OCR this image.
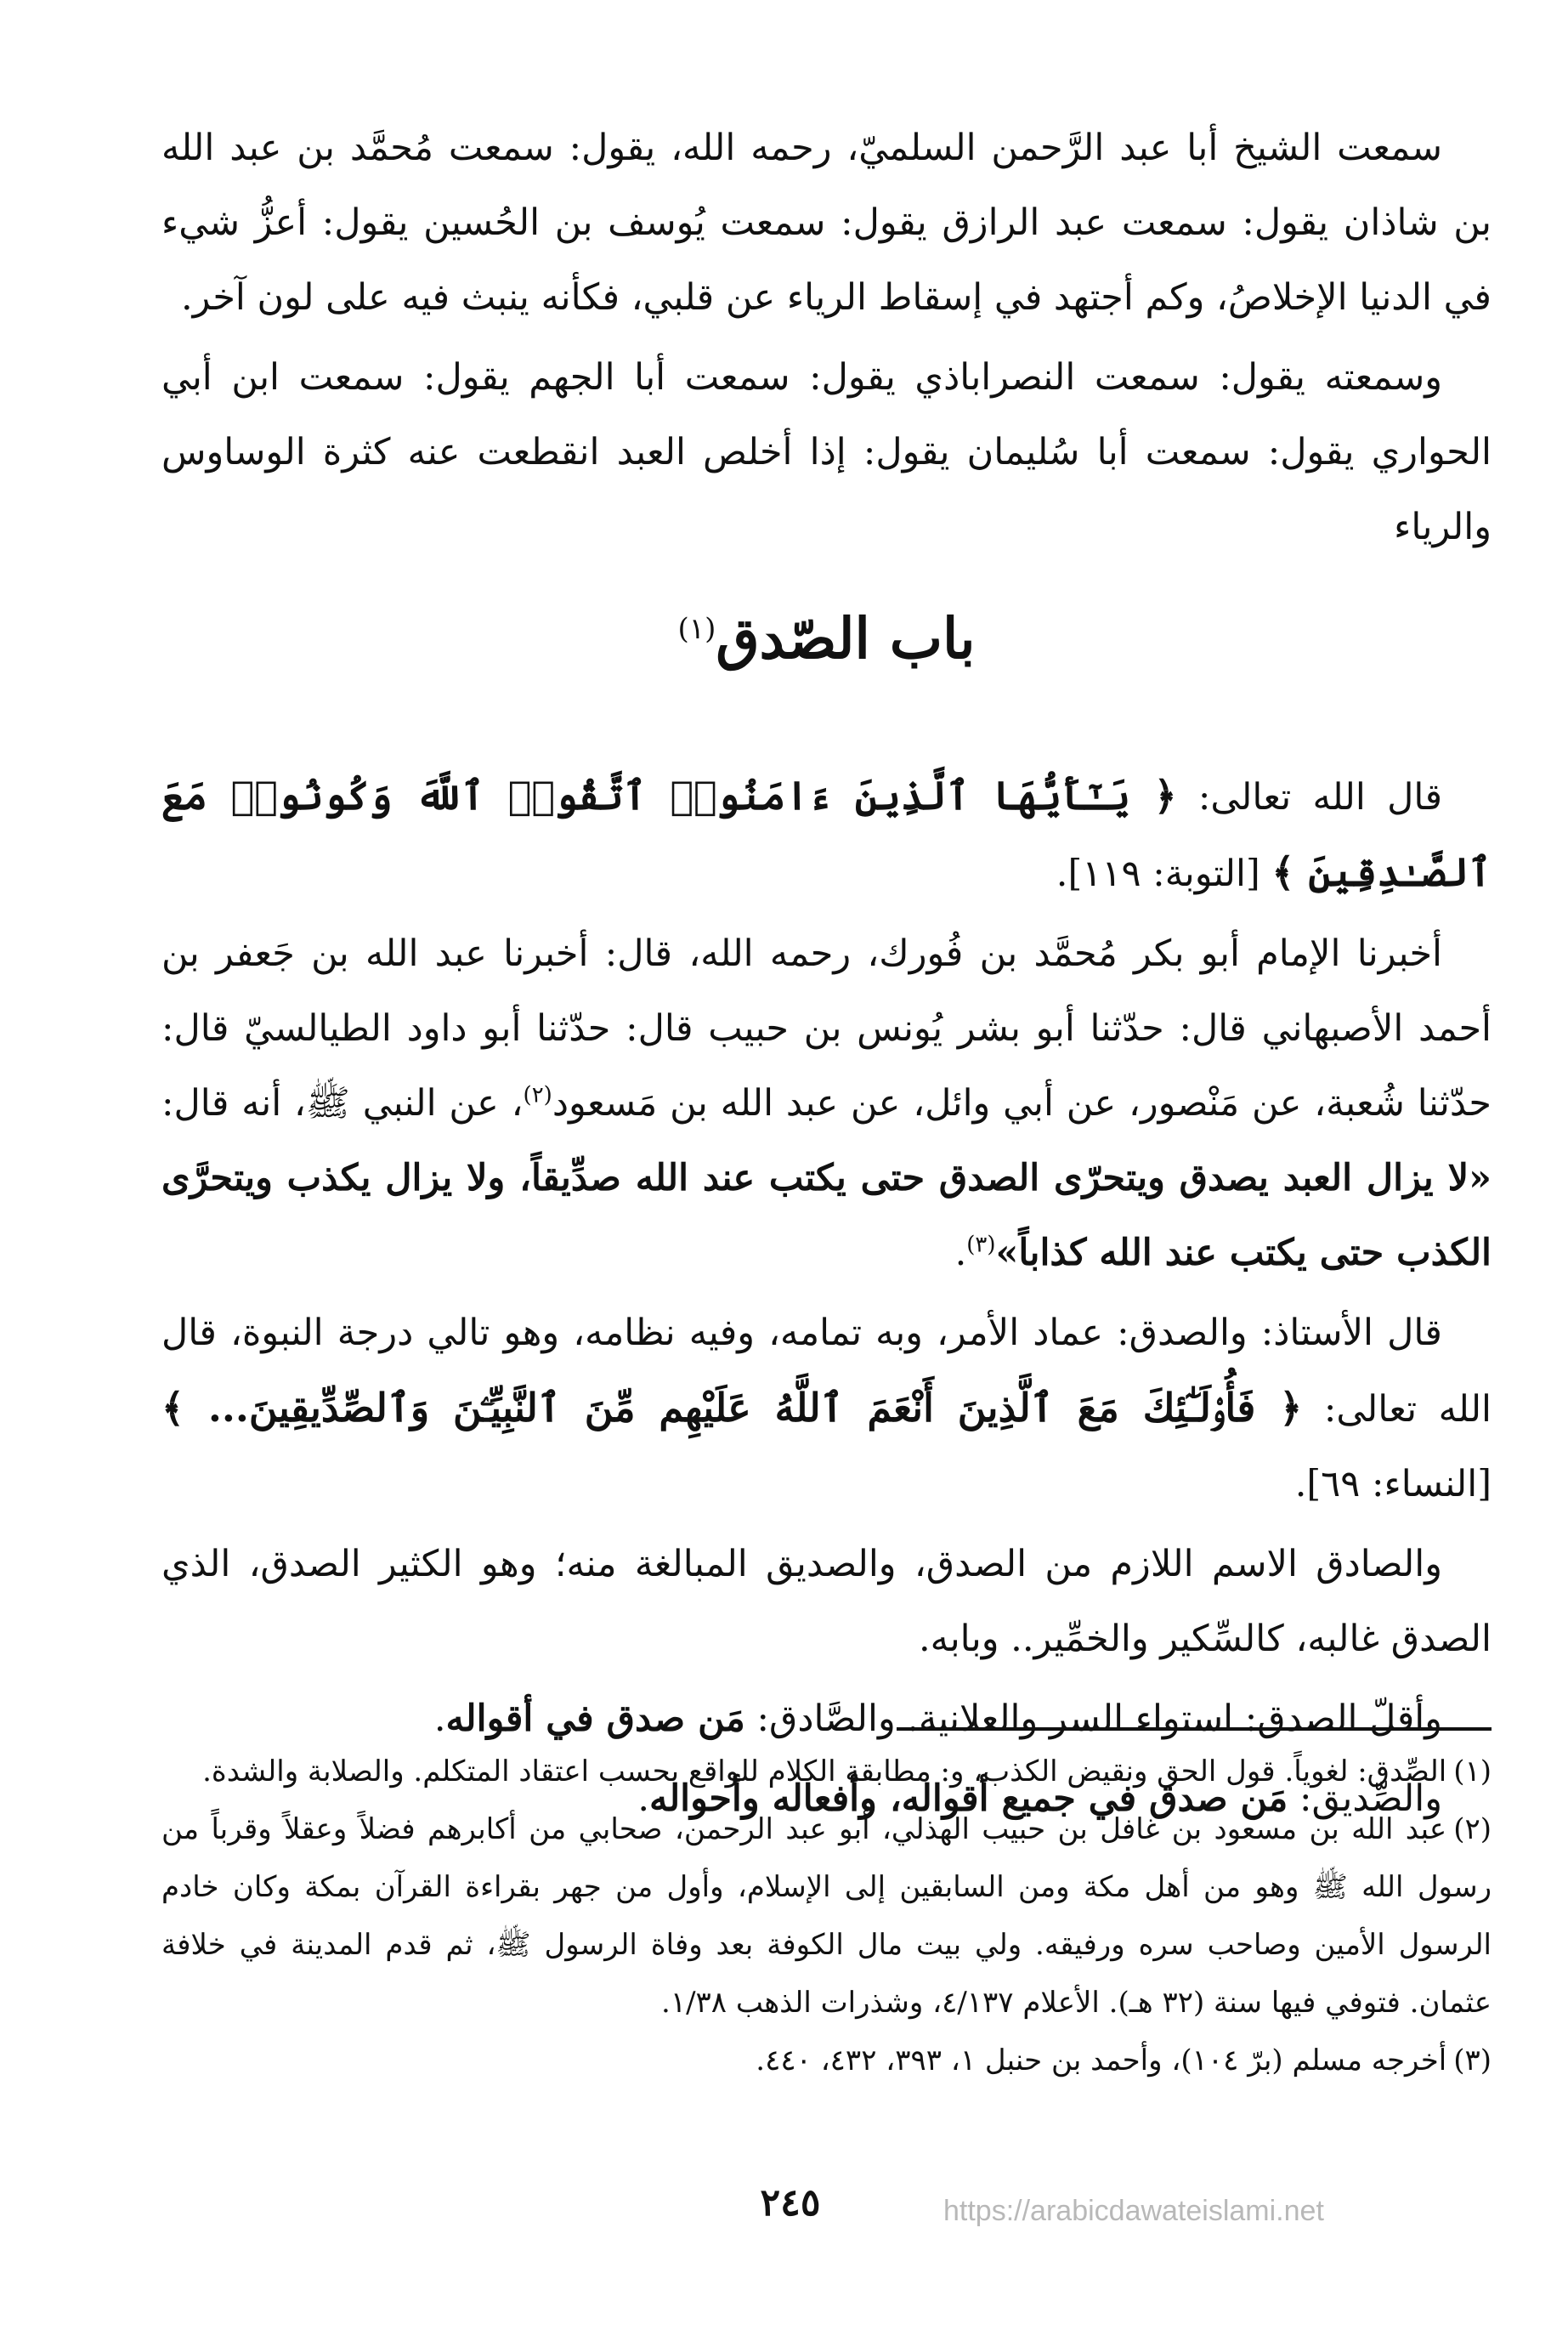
سمعت الشيخ أبا عبد الرَّحمن السلميّ، رحمه الله، يقول: سمعت مُحمَّد بن عبد الله بن شاذان يقول: سمعت عبد الرازق يقول: سمعت يُوسف بن الحُسين يقول: أعزُّ شيء في الدنيا الإخلاصُ، وكم أجتهد في إسقاط الرياء عن قلبي، فكأنه ينبث فيه على لون آخر.

وسمعته يقول: سمعت النصراباذي يقول: سمعت أبا الجهم يقول: سمعت ابن أبي الحواري يقول: سمعت أبا سُليمان يقول: إذا أخلص العبد انقطعت عنه كثرة الوساوس والرياء

باب الصّدق$^{(١)}$

قال الله تعالى: ﴿ يَـٰٓأَيُّهَا ٱلَّذِينَ ءَامَنُوا۟ ٱتَّقُوا۟ ٱللَّهَ وَكُونُوا۟ مَعَ ٱلصَّـٰدِقِينَ ﴾ [التوبة: ١١٩].

أخبرنا الإمام أبو بكر مُحمَّد بن فُورك، رحمه الله، قال: أخبرنا عبد الله بن جَعفر بن أحمد الأصبهاني قال: حدّثنا أبو بشر يُونس بن حبيب قال: حدّثنا أبو داود الطيالسيّ قال: حدّثنا شُعبة، عن مَنْصور، عن أبي وائل، عن عبد الله بن مَسعود$^{(٢)}$، عن النبي ﷺ، أنه قال: «لا يزال العبد يصدق ويتحرّى الصدق حتى يكتب عند الله صدِّيقاً، ولا يزال يكذب ويتحرَّى الكذب حتى يكتب عند الله كذاباً»$^{(٣)}$.

قال الأستاذ: والصدق: عماد الأمر، وبه تمامه، وفيه نظامه، وهو تالي درجة النبوة، قال الله تعالى: ﴿ فَأُو۟لَـٰٓئِكَ مَعَ ٱلَّذِينَ أَنْعَمَ ٱللَّهُ عَلَيْهِم مِّنَ ٱلنَّبِيِّـۧنَ وَٱلصِّدِّيقِينَ... ﴾ [النساء: ٦٩].

والصادق الاسم اللازم من الصدق، والصديق المبالغة منه؛ وهو الكثير الصدق، الذي الصدق غالبه، كالسِّكير والخمِّير.. وبابه.

وأقلّ الصدق: استواء السر والعلانية. والصَّادق: مَن صدق في أقواله.

والصِّديق: مَن صدق في جميع أقواله، وأفعاله وأحواله.

(١)الصِّدق: لغوياً. قول الحق ونقيض الكذب، و: مطابقة الكلام للواقع بحسب اعتقاد المتكلم. والصلابة والشدة.

(٢)عبد الله بن مسعود بن غافل بن حبيب الهذلي، أبو عبد الرحمن، صحابي من أكابرهم فضلاً وعقلاً وقرباً من رسول الله ﷺ وهو من أهل مكة ومن السابقين إلى الإسلام، وأول من جهر بقراءة القرآن بمكة وكان خادم الرسول الأمين وصاحب سره ورفيقه. ولي بيت مال الكوفة بعد وفاة الرسول ﷺ، ثم قدم المدينة في خلافة عثمان. فتوفي فيها سنة (٣٢ هـ). الأعلام ٤/١٣٧، وشذرات الذهب ١/٣٨.

(٣)أخرجه مسلم (برّ ١٠٤)، وأحمد بن حنبل ١، ٣٩٣، ٤٣٢، ٤٤٠.

٢٤٥	https://arabicdawateislami.net
